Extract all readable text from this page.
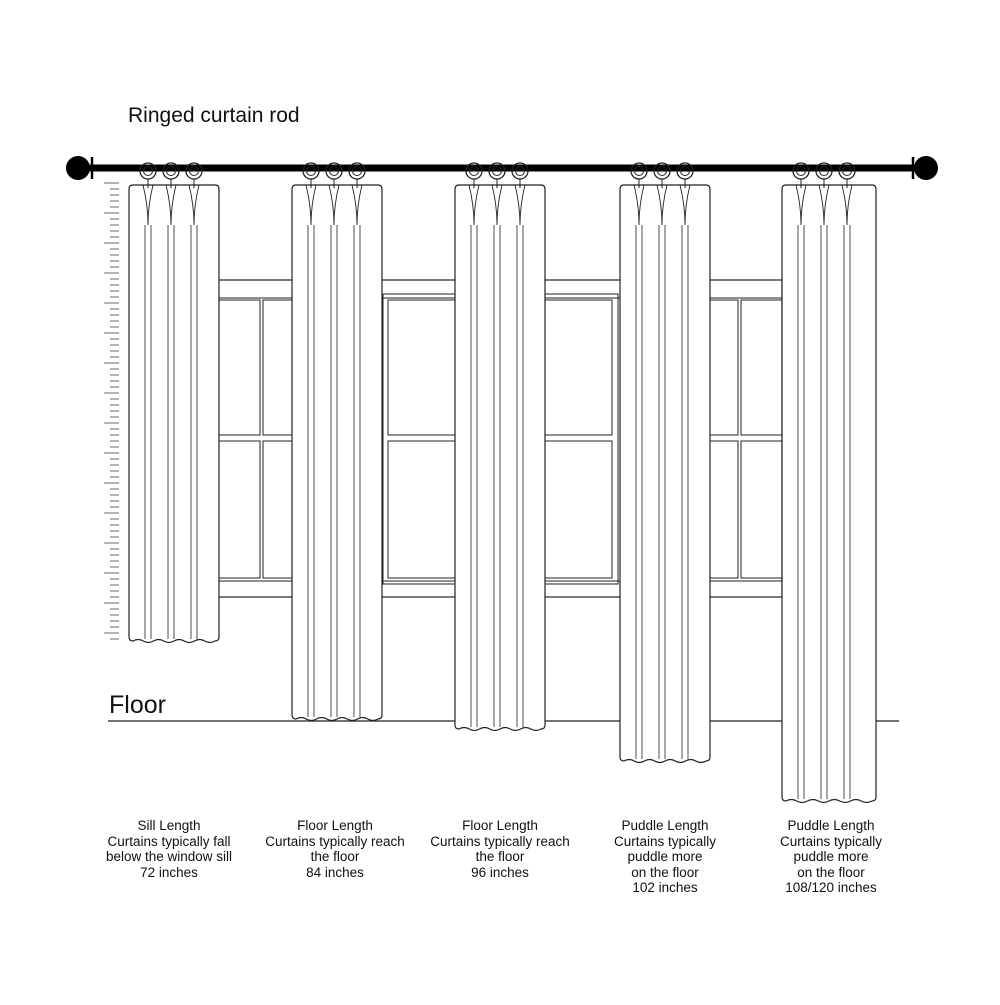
Ringed curtain rod
Floor
Sill Length
Curtains typically fall
below the window sill
72 inches
Floor Length
Curtains typically reach
the floor
84 inches
Floor Length
Curtains typically reach
the floor
96 inches
Puddle Length
Curtains typically
puddle more
on the floor
102 inches
Puddle Length
Curtains typically
puddle more
on the floor
108/120 inches
